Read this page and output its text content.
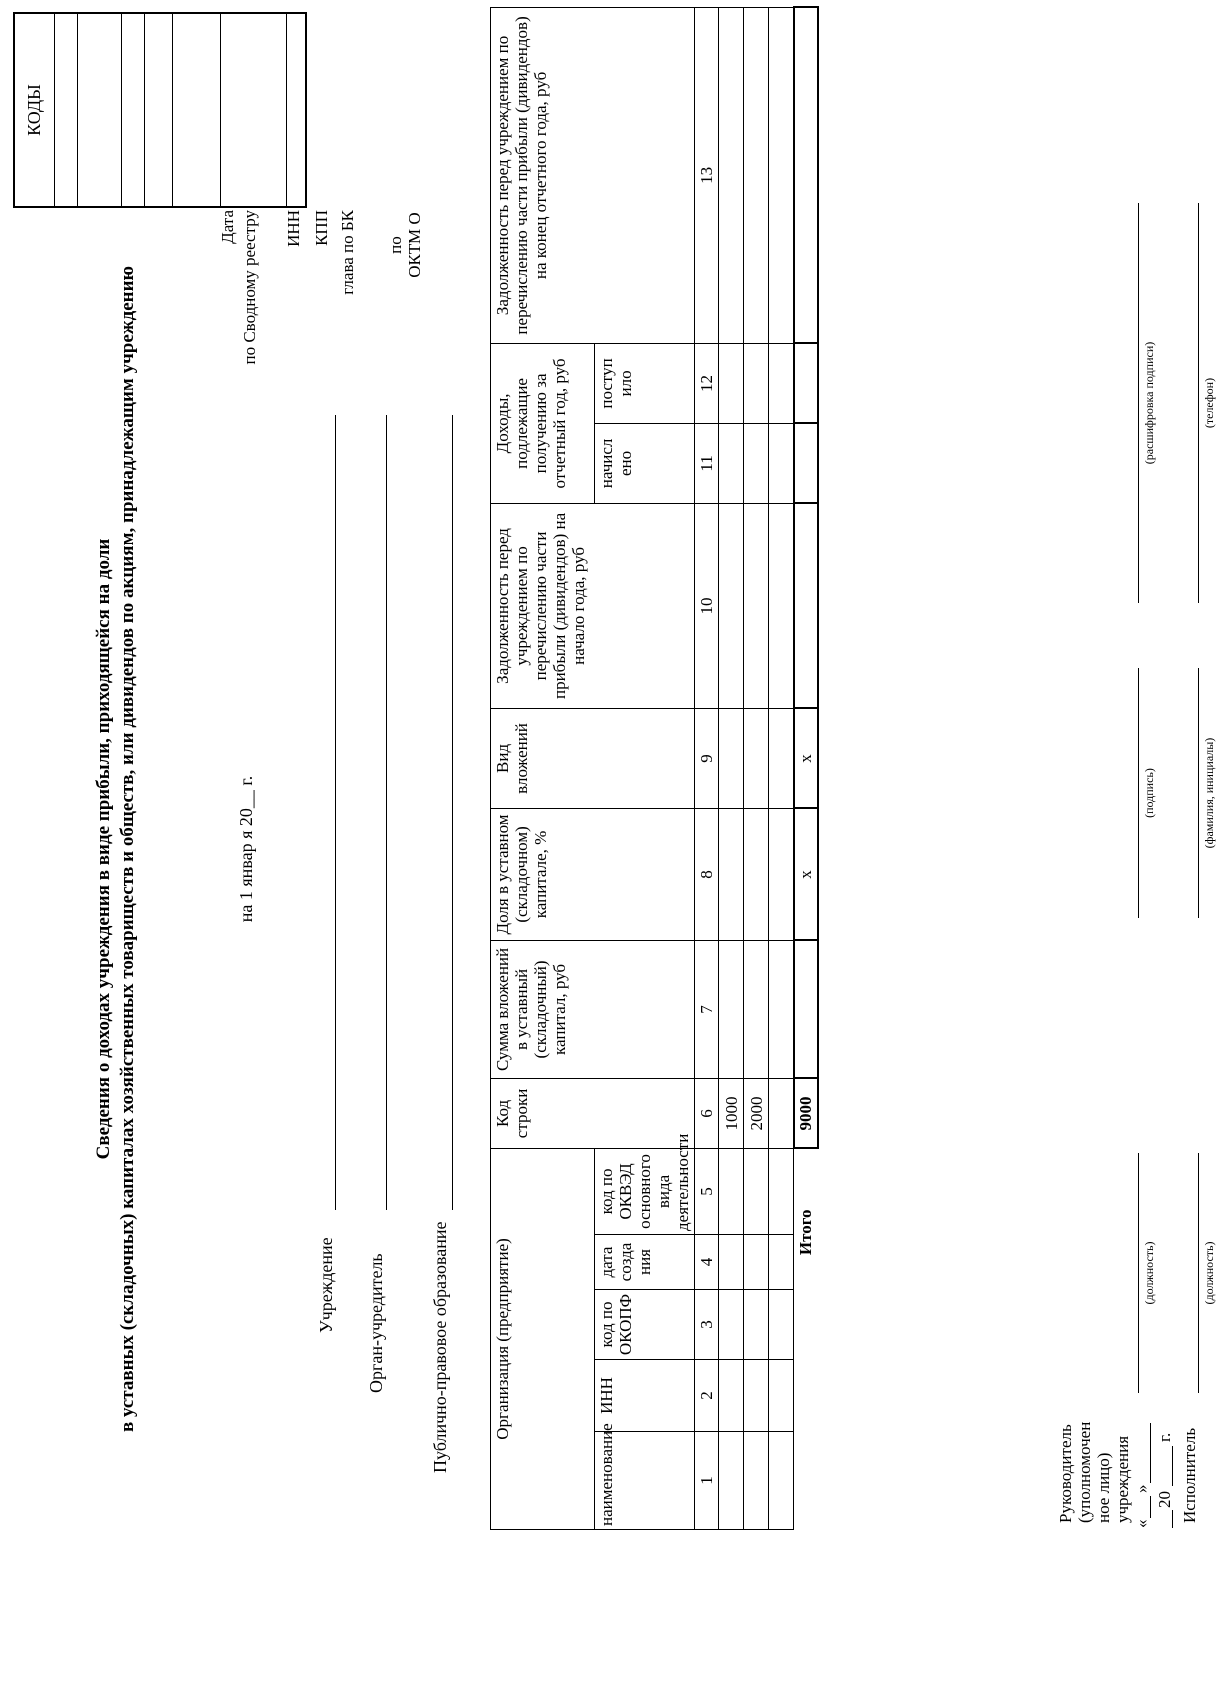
Сведения о доходах учреждения в виде прибыли, приходящейся на доли в уставных (складочных) капиталах хозяйственных товариществ и обществ, или дивидендов по акциям, принадлежащим учреждению	на 1 январ я 20__ г.
Учреждение Орган-учредитель Публично-правовое образование
Дата по Сводному реестру ИНН КПП глава по БК по ОКТМ О
КОДЫ

Организация (предприятие)					Код строки	Сумма вложений в уставный (складочный) капитал, руб	Доля в уставном (складочном) капитале, %	Вид вложений	Задолженность перед учреждением по перечислению части прибыли (дивидендов) на начало года, руб	Доходы, подлежащие получению за отчетный год, руб		Задолженность перед учреждением по перечислению части прибыли (дивидендов) на конец отчетного года, руб
наименование	ИНН	код по ОКОПФ	дата созда ния	код по ОКВЭД основного вида деятельности						начисл ено	поступ ило	
1	2	3	4	5	6	7	8	9	10	11	12	13
					1000							
					2000							

Итого					9000		x	x				
Руководитель (уполномочен ное лицо) учреждения
(должность)
(подпись)
(расшифровка подписи)
Исполнитель
(должность)
(фамилия, инициалы)
(телефон)
«
»
20
г.
